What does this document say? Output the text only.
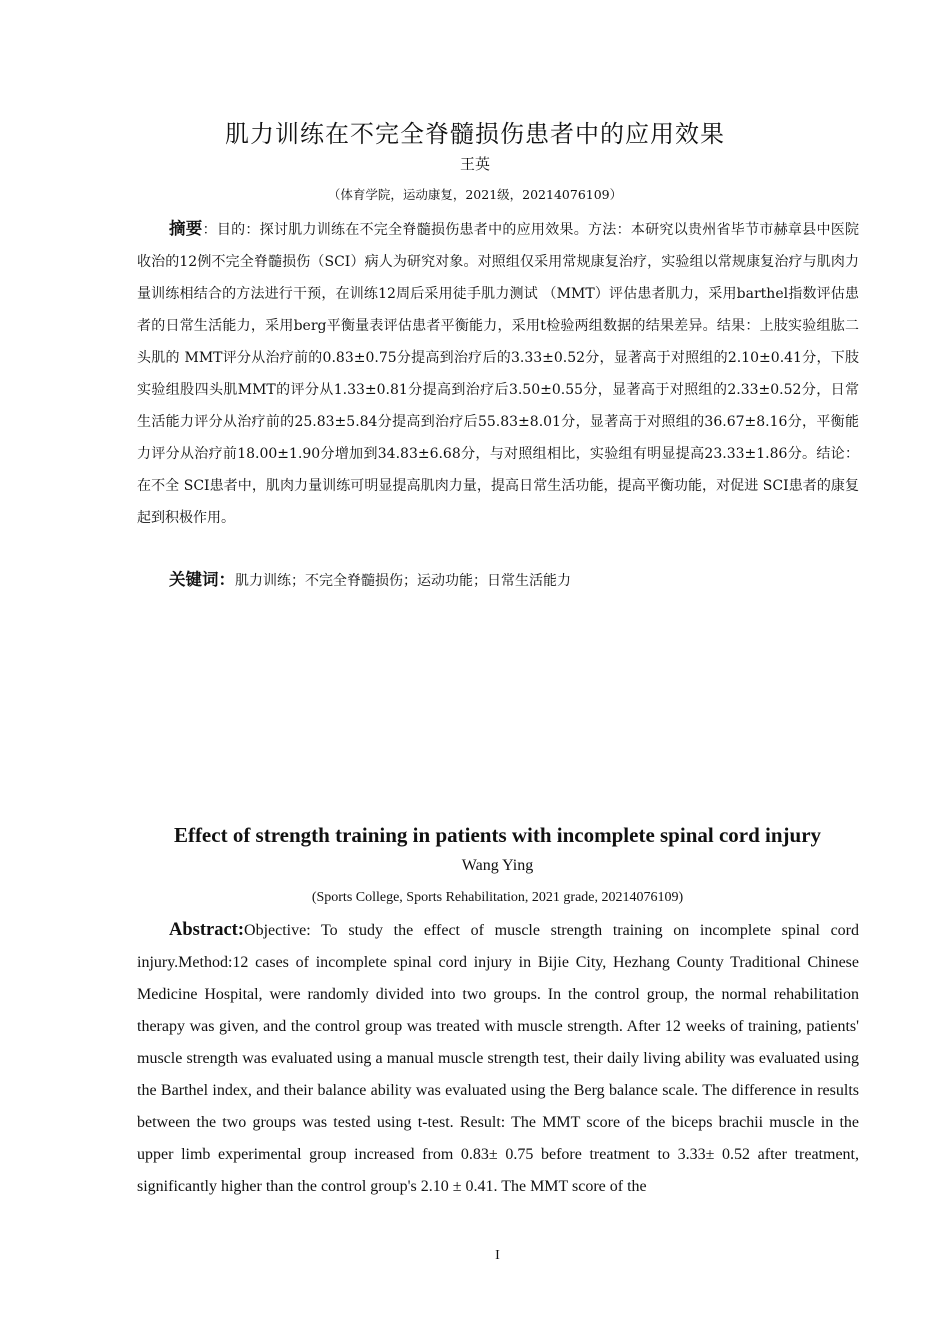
肌力训练在不完全脊髓损伤患者中的应用效果
王英
（体育学院，运动康复，2021级，20214076109）

摘要：目的：探讨肌力训练在不完全脊髓损伤患者中的应用效果。方法：本研究以贵州省毕节市赫章县中医院收治的12例不完全脊髓损伤（SCI）病人为研究对象。对照组仅采用常规康复治疗，实验组以常规康复治疗与肌肉力量训练相结合的方法进行干预，在训练12周后采用徒手肌力测试 （MMT）评估患者肌力，采用barthel指数评估患者的日常生活能力，采用berg平衡量表评估患者平衡能力，采用t检验两组数据的结果差异。结果：上肢实验组肱二头肌的 MMT评分从治疗前的0.83±0.75分提高到治疗后的3.33±0.52分，显著高于对照组的2.10±0.41分，下肢实验组股四头肌MMT的评分从1.33±0.81分提高到治疗后3.50±0.55分，显著高于对照组的2.33±0.52分，日常生活能力评分从治疗前的25.83±5.84分提高到治疗后55.83±8.01分，显著高于对照组的36.67±8.16分，平衡能力评分从治疗前18.00±1.90分增加到34.83±6.68分，与对照组相比，实验组有明显提高23.33±1.86分。结论：在不全 SCI患者中，肌肉力量训练可明显提高肌肉力量，提高日常生活功能，提高平衡功能，对促进 SCI患者的康复起到积极作用。

关键词：肌力训练；不完全脊髓损伤；运动功能；日常生活能力

Effect of strength training in patients with incomplete spinal cord injury
Wang Ying
(Sports College, Sports Rehabilitation, 2021 grade, 20214076109)

Abstract:Objective: To study the effect of muscle strength training on incomplete spinal cord injury.Method:12 cases of incomplete spinal cord injury in Bijie City, Hezhang County Traditional Chinese Medicine Hospital, were randomly divided into two groups. In the control group, the normal rehabilitation therapy was given, and the control group was treated with muscle strength. After 12 weeks of training, patients' muscle strength was evaluated using a manual muscle strength test, their daily living ability was evaluated using the Barthel index, and their balance ability was evaluated using the Berg balance scale. The difference in results between the two groups was tested using t-test. Result: The MMT score of the biceps brachii muscle in the upper limb experimental group increased from 0.83± 0.75 before treatment to 3.33± 0.52 after treatment, significantly higher than the control group's 2.10 ± 0.41. The MMT score of the

I
